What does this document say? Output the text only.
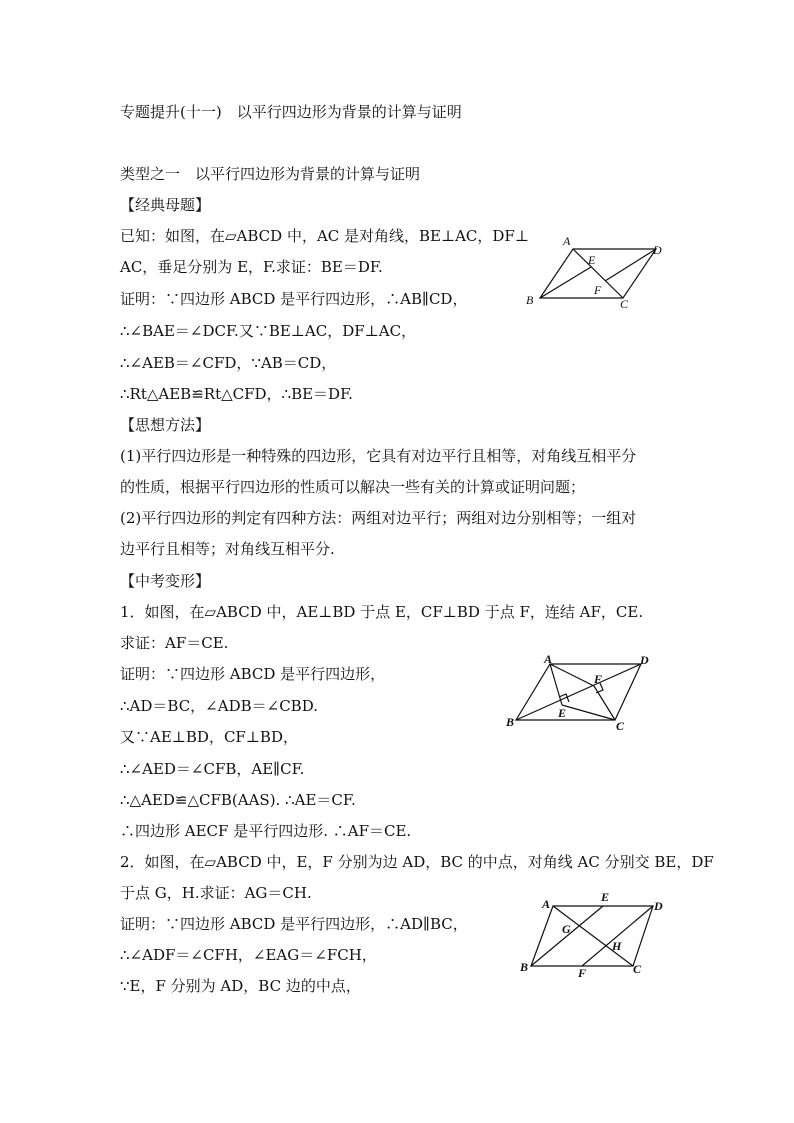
专题提升(十一)　以平行四边形为背景的计算与证明
类型之一　以平行四边形为背景的计算与证明
【经典母题】
已知：如图，在▱ABCD 中，AC 是对角线，BE⊥AC，DF⊥
AC，垂足分别为 E，F.求证：BE＝DF.
证明：∵四边形 ABCD 是平行四边形，∴AB∥CD，
∴∠BAE＝∠DCF.又∵BE⊥AC，DF⊥AC，
∴∠AEB＝∠CFD，∵AB＝CD，
∴Rt△AEB≌Rt△CFD，∴BE＝DF.
A
D
E
F
B	C
【思想方法】
(1)平行四边形是一种特殊的四边形，它具有对边平行且相等，对角线互相平分
的性质，根据平行四边形的性质可以解决一些有关的计算或证明问题；
(2)平行四边形的判定有四种方法：两组对边平行；两组对边分别相等；一组对
边平行且相等；对角线互相平分.
【中考变形】
1．如图，在▱ABCD 中，AE⊥BD 于点 E，CF⊥BD 于点 F，连结 AF，CE.
求证：AF＝CE.
证明：∵四边形 ABCD 是平行四边形，
∴AD＝BC，∠ADB＝∠CBD.
又∵AE⊥BD，CF⊥BD，
∴∠AED＝∠CFB，AE∥CF.
∴△AED≌△CFB(AAS). ∴AE＝CF.
∴四边形 AECF 是平行四边形. ∴AF＝CE.
A	D
F
E
B	C
2．如图，在▱ABCD 中，E，F 分别为边 AD，BC 的中点，对角线 AC 分别交 BE，DF
于点 G，H.求证：AG＝CH.
证明：∵四边形 ABCD 是平行四边形，∴AD∥BC，
∴∠ADF＝∠CFH，∠EAG＝∠FCH，
∵E，F 分别为 AD，BC 边的中点，
A	E
D
G
H
B	F	C
